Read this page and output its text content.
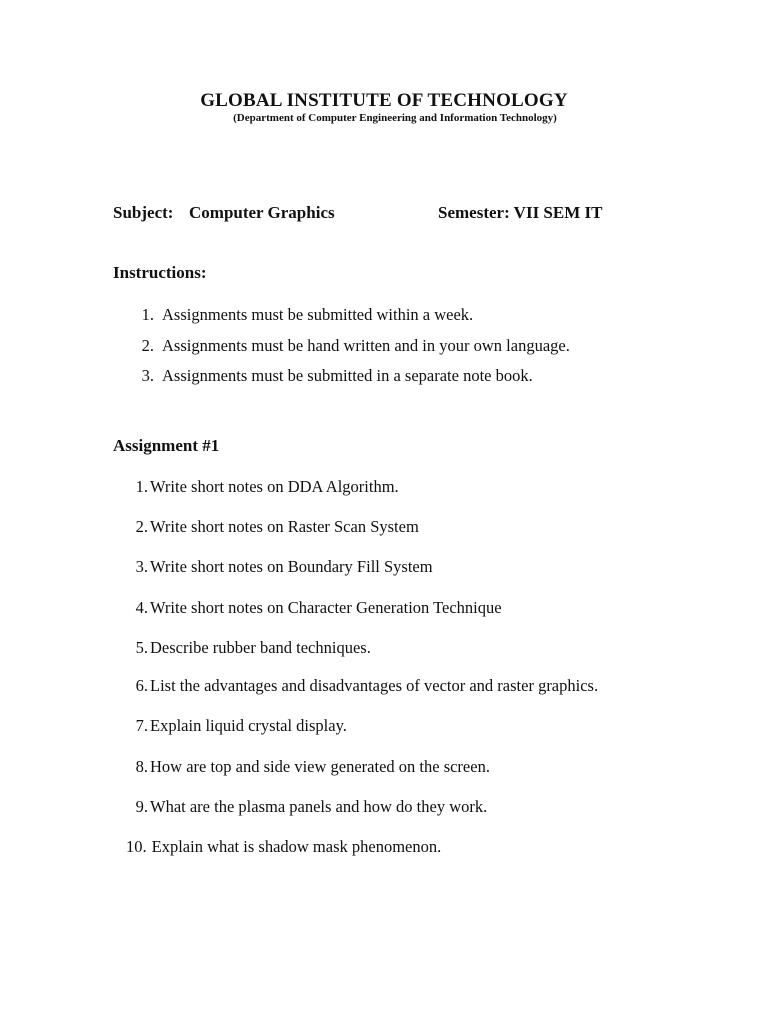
GLOBAL INSTITUTE OF TECHNOLOGY
(Department of Computer Engineering and Information Technology)
Subject: Computer Graphics	Semester: VII SEM IT
Instructions:
1. Assignments must be submitted within a week.
2. Assignments must be hand written and in your own language.
3. Assignments must be submitted in a separate note book.
Assignment #1
1. Write short notes on DDA Algorithm.
2. Write short notes on Raster Scan System
3. Write short notes on Boundary Fill System
4. Write short notes on Character Generation Technique
5. Describe rubber band techniques.
6. List the advantages and disadvantages of vector and raster graphics.
7. Explain liquid crystal display.
8. How are top and side view generated on the screen.
9. What are the plasma panels and how do they work.
10. Explain what is shadow mask phenomenon.
